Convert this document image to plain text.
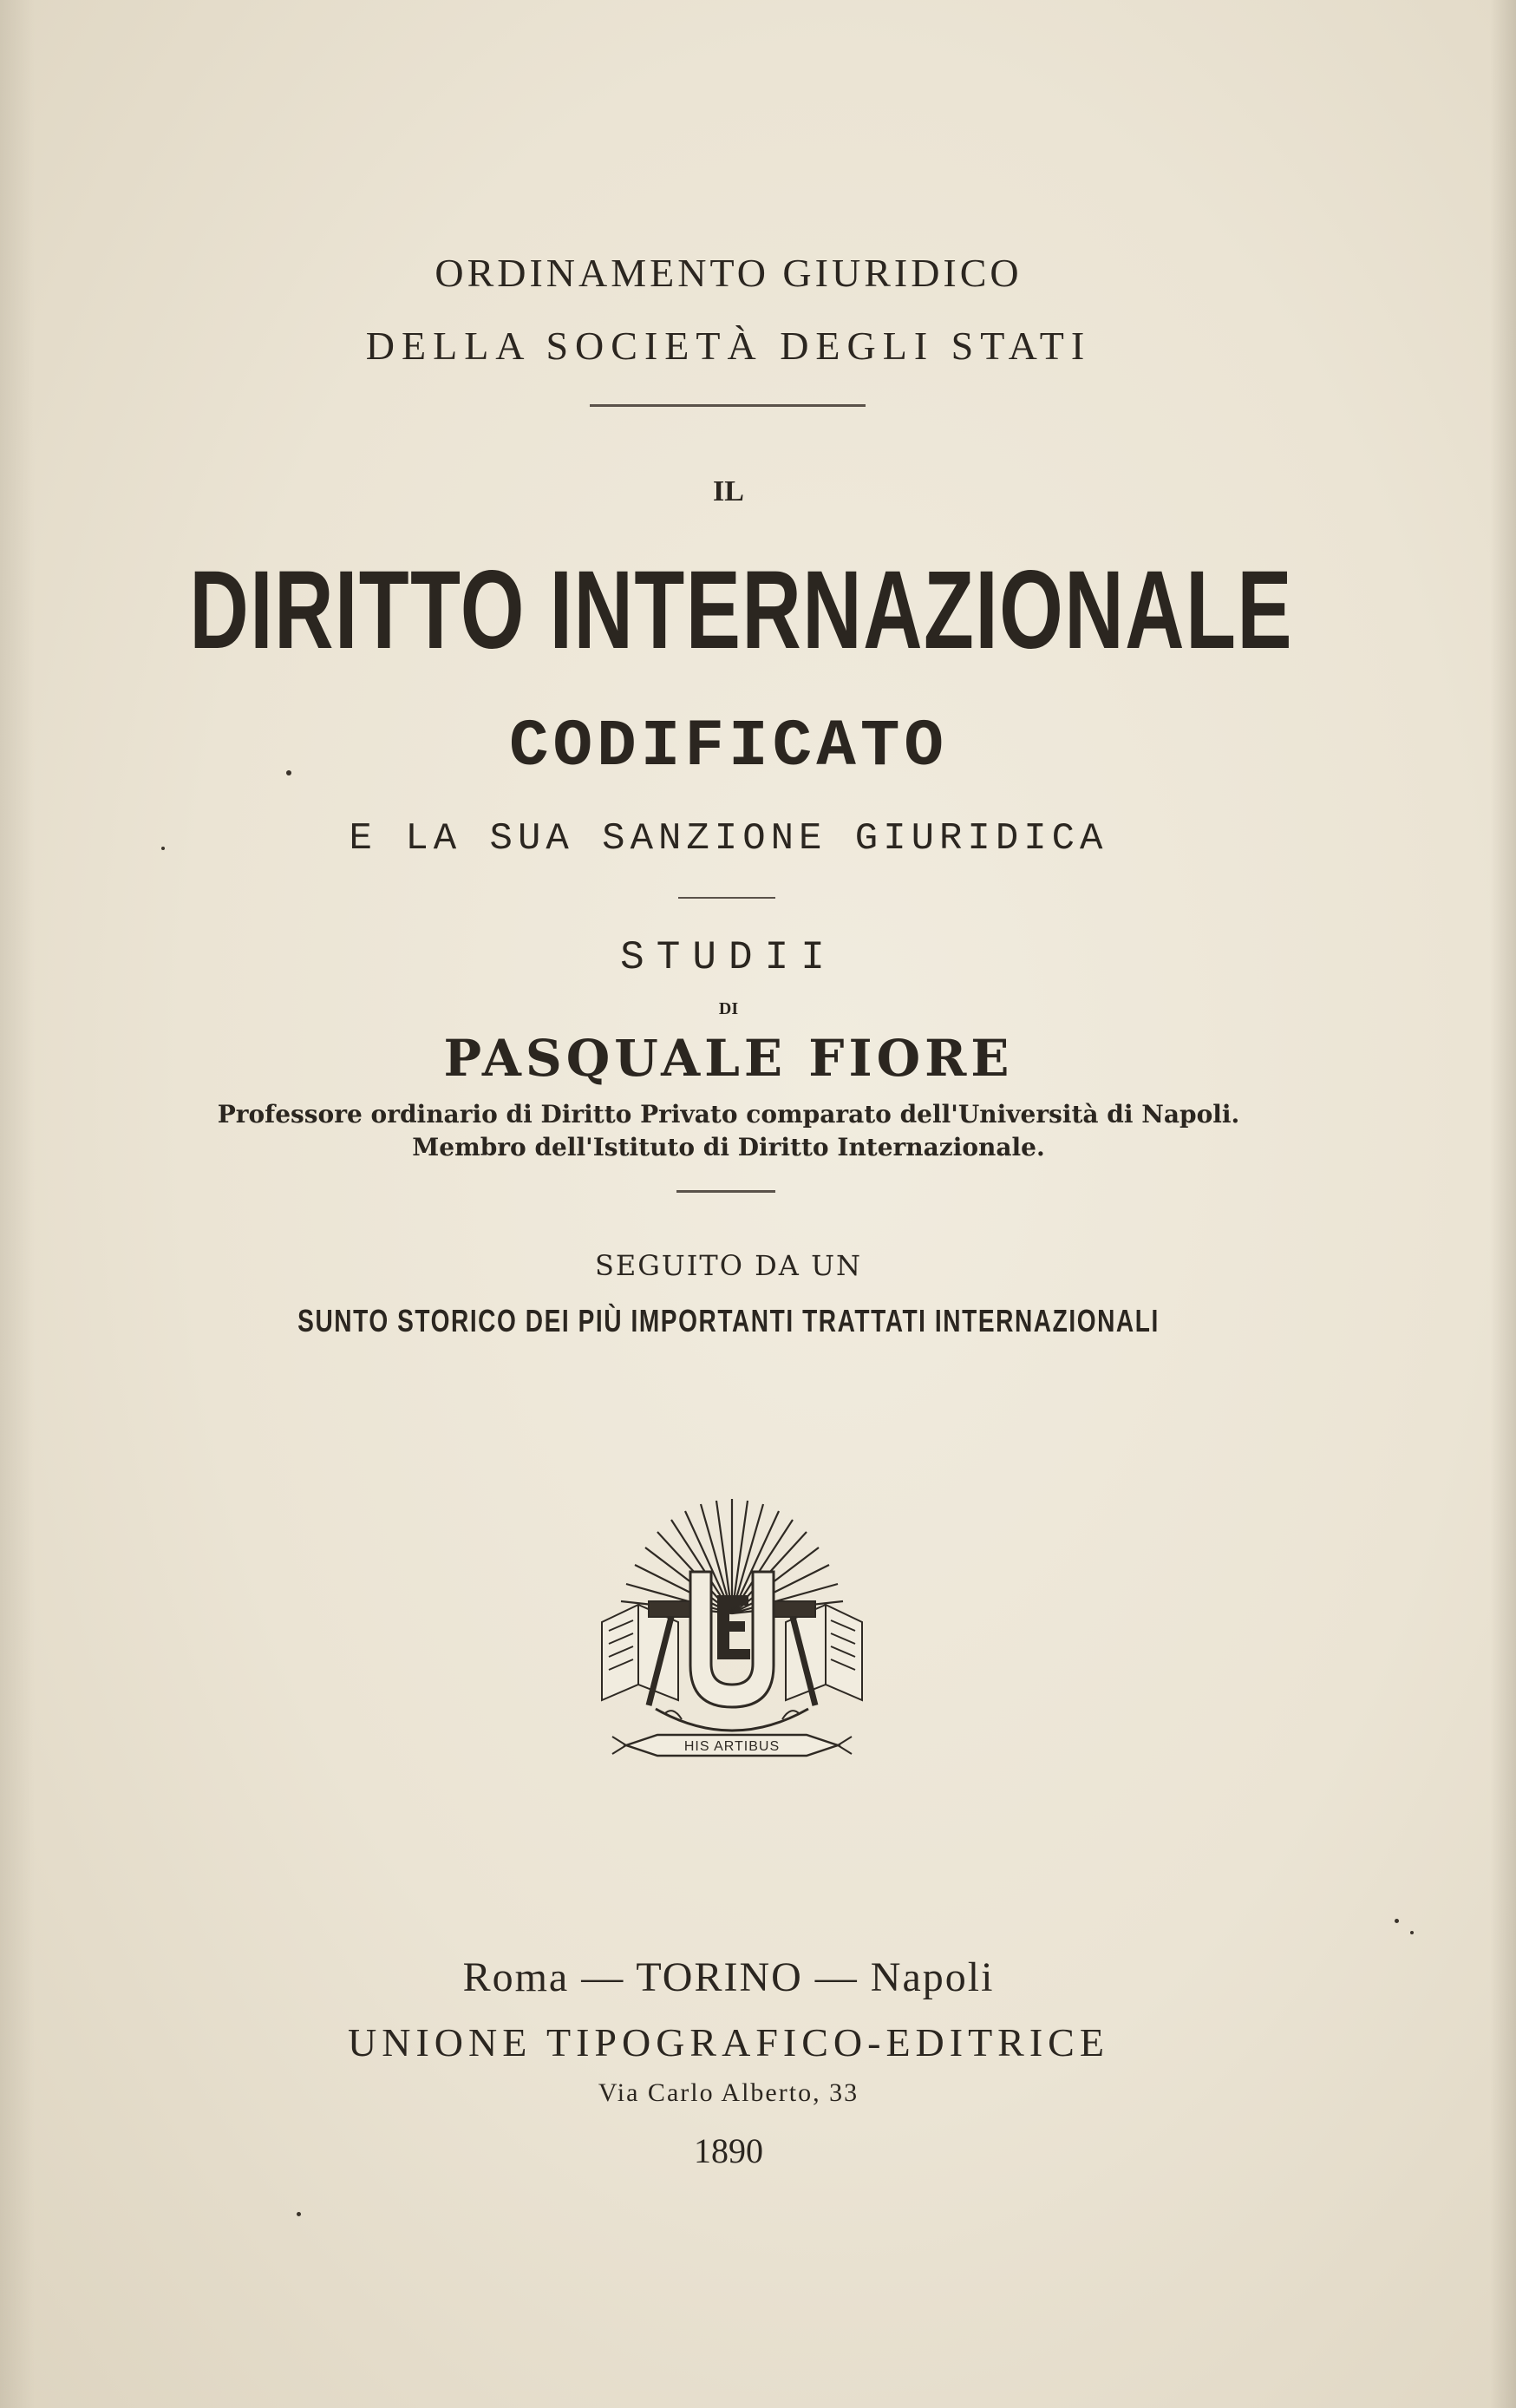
ORDINAMENTO GIURIDICO
DELLA SOCIETÀ DEGLI STATI
IL
DIRITTO INTERNAZIONALE
CODIFICATO
E LA SUA SANZIONE GIURIDICA
STUDII
DI
PASQUALE FIORE
Professore ordinario di Diritto Privato comparato dell'Università di Napoli.
Membro dell'Istituto di Diritto Internazionale.
SEGUITO DA UN
SUNTO STORICO DEI PIÙ IMPORTANTI TRATTATI INTERNAZIONALI
HIS ARTIBUS
Roma — TORINO — Napoli
UNIONE TIPOGRAFICO-EDITRICE
Via Carlo Alberto, 33
1890
